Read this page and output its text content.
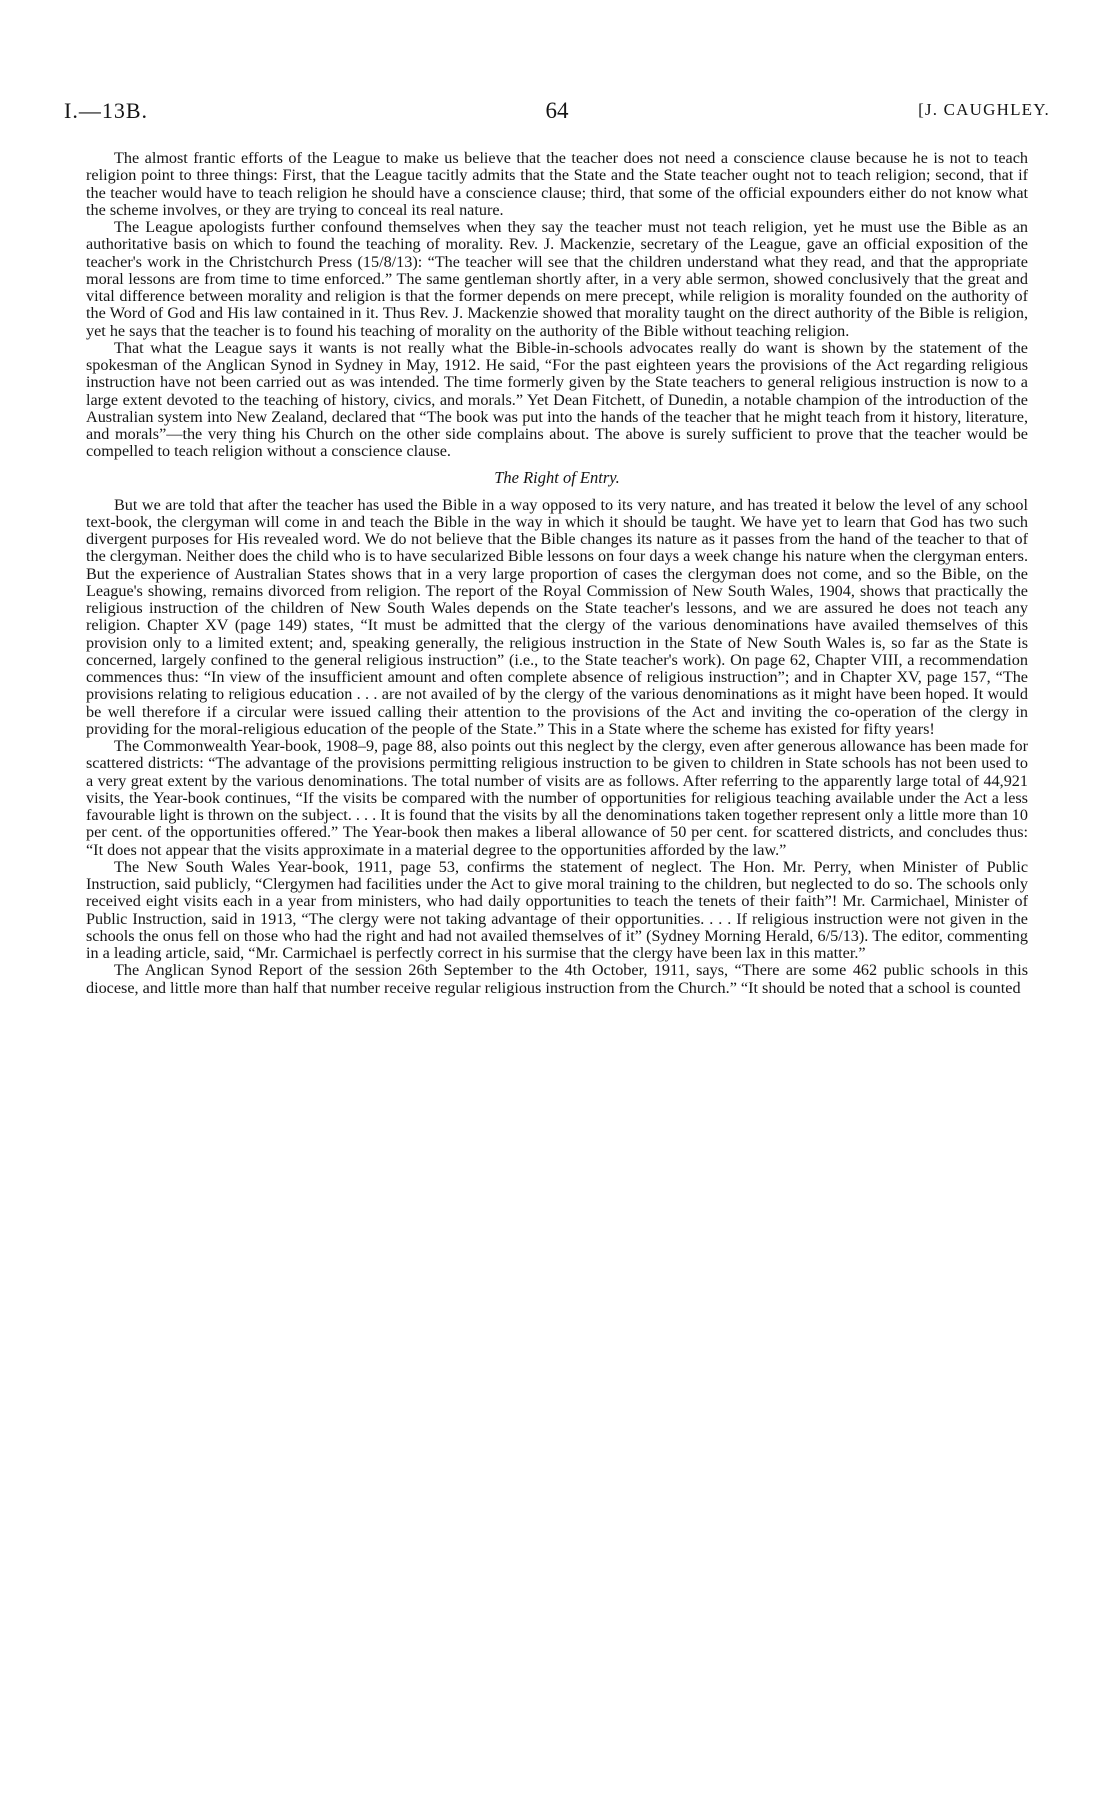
I.—13B.	64	[J. CAUGHLEY.

The almost frantic efforts of the League to make us believe that the teacher does not need a conscience clause because he is not to teach religion point to three things: First, that the League tacitly admits that the State and the State teacher ought not to teach religion; second, that if the teacher would have to teach religion he should have a conscience clause; third, that some of the official expounders either do not know what the scheme involves, or they are trying to conceal its real nature.

The League apologists further confound themselves when they say the teacher must not teach religion, yet he must use the Bible as an authoritative basis on which to found the teaching of morality. Rev. J. Mackenzie, secretary of the League, gave an official exposition of the teacher's work in the Christchurch Press (15/8/13): “The teacher will see that the children understand what they read, and that the appropriate moral lessons are from time to time enforced.” The same gentleman shortly after, in a very able sermon, showed conclusively that the great and vital difference between morality and religion is that the former depends on mere precept, while religion is morality founded on the authority of the Word of God and His law contained in it. Thus Rev. J. Mackenzie showed that morality taught on the direct authority of the Bible is religion, yet he says that the teacher is to found his teaching of morality on the authority of the Bible without teaching religion.

That what the League says it wants is not really what the Bible-in-schools advocates really do want is shown by the statement of the spokesman of the Anglican Synod in Sydney in May, 1912. He said, “For the past eighteen years the provisions of the Act regarding religious instruction have not been carried out as was intended. The time formerly given by the State teachers to general religious instruction is now to a large extent devoted to the teaching of history, civics, and morals.” Yet Dean Fitchett, of Dunedin, a notable champion of the introduction of the Australian system into New Zealand, declared that “The book was put into the hands of the teacher that he might teach from it history, literature, and morals”—the very thing his Church on the other side complains about. The above is surely sufficient to prove that the teacher would be compelled to teach religion without a conscience clause.

The Right of Entry.

But we are told that after the teacher has used the Bible in a way opposed to its very nature, and has treated it below the level of any school text-book, the clergyman will come in and teach the Bible in the way in which it should be taught. We have yet to learn that God has two such divergent purposes for His revealed word. We do not believe that the Bible changes its nature as it passes from the hand of the teacher to that of the clergyman. Neither does the child who is to have secularized Bible lessons on four days a week change his nature when the clergyman enters. But the experience of Australian States shows that in a very large proportion of cases the clergyman does not come, and so the Bible, on the League's showing, remains divorced from religion. The report of the Royal Commission of New South Wales, 1904, shows that practically the religious instruction of the children of New South Wales depends on the State teacher's lessons, and we are assured he does not teach any religion. Chapter XV (page 149) states, “It must be admitted that the clergy of the various denominations have availed themselves of this provision only to a limited extent; and, speaking generally, the religious instruction in the State of New South Wales is, so far as the State is concerned, largely confined to the general religious instruction” (i.e., to the State teacher's work). On page 62, Chapter VIII, a recommendation commences thus: “In view of the insufficient amount and often complete absence of religious instruction”; and in Chapter XV, page 157, “The provisions relating to religious education . . . are not availed of by the clergy of the various denominations as it might have been hoped. It would be well therefore if a circular were issued calling their attention to the provisions of the Act and inviting the co-operation of the clergy in providing for the moral-religious education of the people of the State.” This in a State where the scheme has existed for fifty years!

The Commonwealth Year-book, 1908–9, page 88, also points out this neglect by the clergy, even after generous allowance has been made for scattered districts: “The advantage of the provisions permitting religious instruction to be given to children in State schools has not been used to a very great extent by the various denominations. The total number of visits are as follows. After referring to the apparently large total of 44,921 visits, the Year-book continues, “If the visits be compared with the number of opportunities for religious teaching available under the Act a less favourable light is thrown on the subject. . . . It is found that the visits by all the denominations taken together represent only a little more than 10 per cent. of the opportunities offered.” The Year-book then makes a liberal allowance of 50 per cent. for scattered districts, and concludes thus: “It does not appear that the visits approximate in a material degree to the opportunities afforded by the law.”

The New South Wales Year-book, 1911, page 53, confirms the statement of neglect. The Hon. Mr. Perry, when Minister of Public Instruction, said publicly, “Clergymen had facilities under the Act to give moral training to the children, but neglected to do so. The schools only received eight visits each in a year from ministers, who had daily opportunities to teach the tenets of their faith”! Mr. Carmichael, Minister of Public Instruction, said in 1913, “The clergy were not taking advantage of their opportunities. . . . If religious instruction were not given in the schools the onus fell on those who had the right and had not availed themselves of it” (Sydney Morning Herald, 6/5/13). The editor, commenting in a leading article, said, “Mr. Carmichael is perfectly correct in his surmise that the clergy have been lax in this matter.”

The Anglican Synod Report of the session 26th September to the 4th October, 1911, says, “There are some 462 public schools in this diocese, and little more than half that number receive regular religious instruction from the Church.” “It should be noted that a school is counted
